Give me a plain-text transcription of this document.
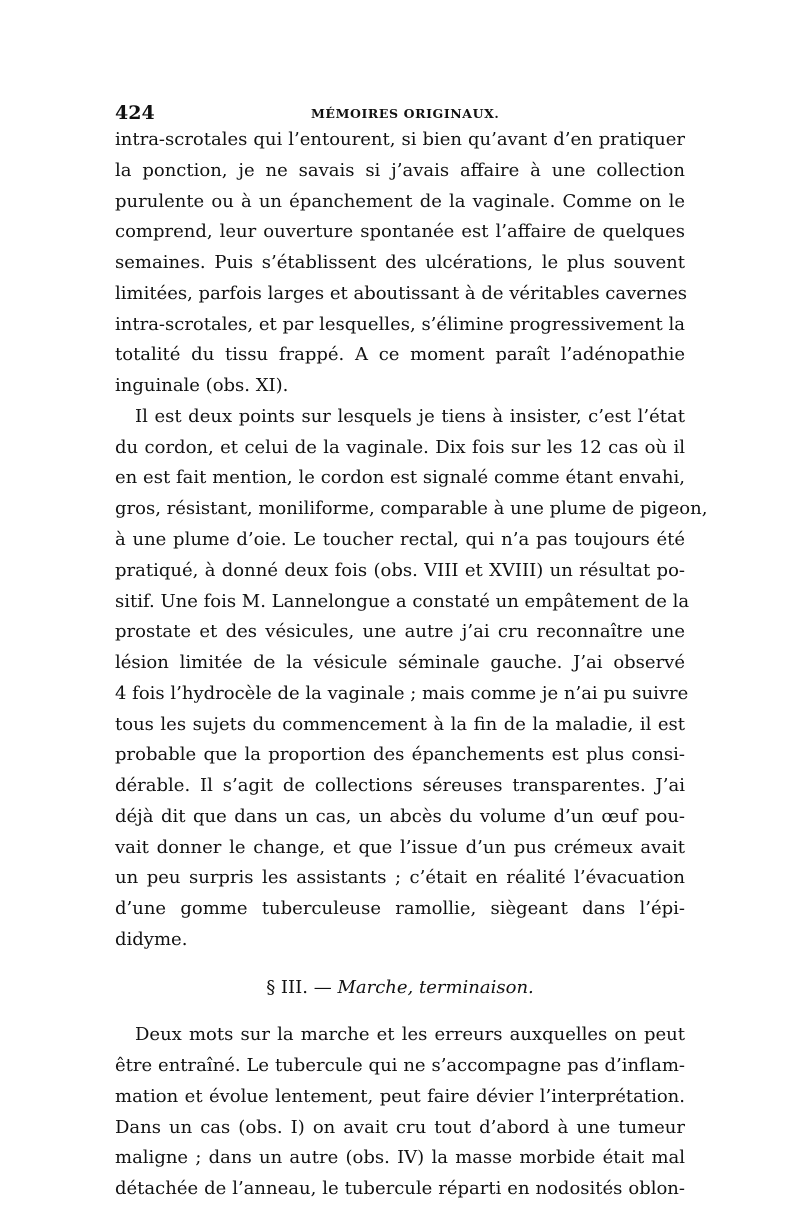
424	MÉMOIRES ORIGINAUX.
intra-scrotales qui l’entourent, si bien qu’avant d’en pratiquer
la ponction, je ne savais si j’avais affaire à une collection
purulente ou à un épanchement de la vaginale. Comme on le
comprend, leur ouverture spontanée est l’affaire de quelques
semaines. Puis s’établissent des ulcérations, le plus souvent
limitées, parfois larges et aboutissant à de véritables cavernes
intra-scrotales, et par lesquelles, s’élimine progressivement la
totalité du tissu frappé. A ce moment paraît l’adénopathie
inguinale (obs. XI).
Il est deux points sur lesquels je tiens à insister, c’est l’état
du cordon, et celui de la vaginale. Dix fois sur les 12 cas où il
en est fait mention, le cordon est signalé comme étant envahi,
gros, résistant, moniliforme, comparable à une plume de pigeon,
à une plume d’oie. Le toucher rectal, qui n’a pas toujours été
pratiqué, à donné deux fois (obs. VIII et XVIII) un résultat po-
sitif. Une fois M. Lannelongue a constaté un empâtement de la
prostate et des vésicules, une autre j’ai cru reconnaître une
lésion limitée de la vésicule séminale gauche. J’ai observé
4 fois l’hydrocèle de la vaginale ; mais comme je n’ai pu suivre
tous les sujets du commencement à la fin de la maladie, il est
probable que la proportion des épanchements est plus consi-
dérable. Il s’agit de collections séreuses transparentes. J’ai
déjà dit que dans un cas, un abcès du volume d’un œuf pou-
vait donner le change, et que l’issue d’un pus crémeux avait
un peu surpris les assistants ; c’était en réalité l’évacuation
d’une gomme tuberculeuse ramollie, siègeant dans l’épi-
didyme.
§ III. — Marche, terminaison.
Deux mots sur la marche et les erreurs auxquelles on peut
être entraîné. Le tubercule qui ne s’accompagne pas d’inflam-
mation et évolue lentement, peut faire dévier l’interprétation.
Dans un cas (obs. I) on avait cru tout d’abord à une tumeur
maligne ; dans un autre (obs. IV) la masse morbide était mal
détachée de l’anneau, le tubercule réparti en nodosités oblon-
